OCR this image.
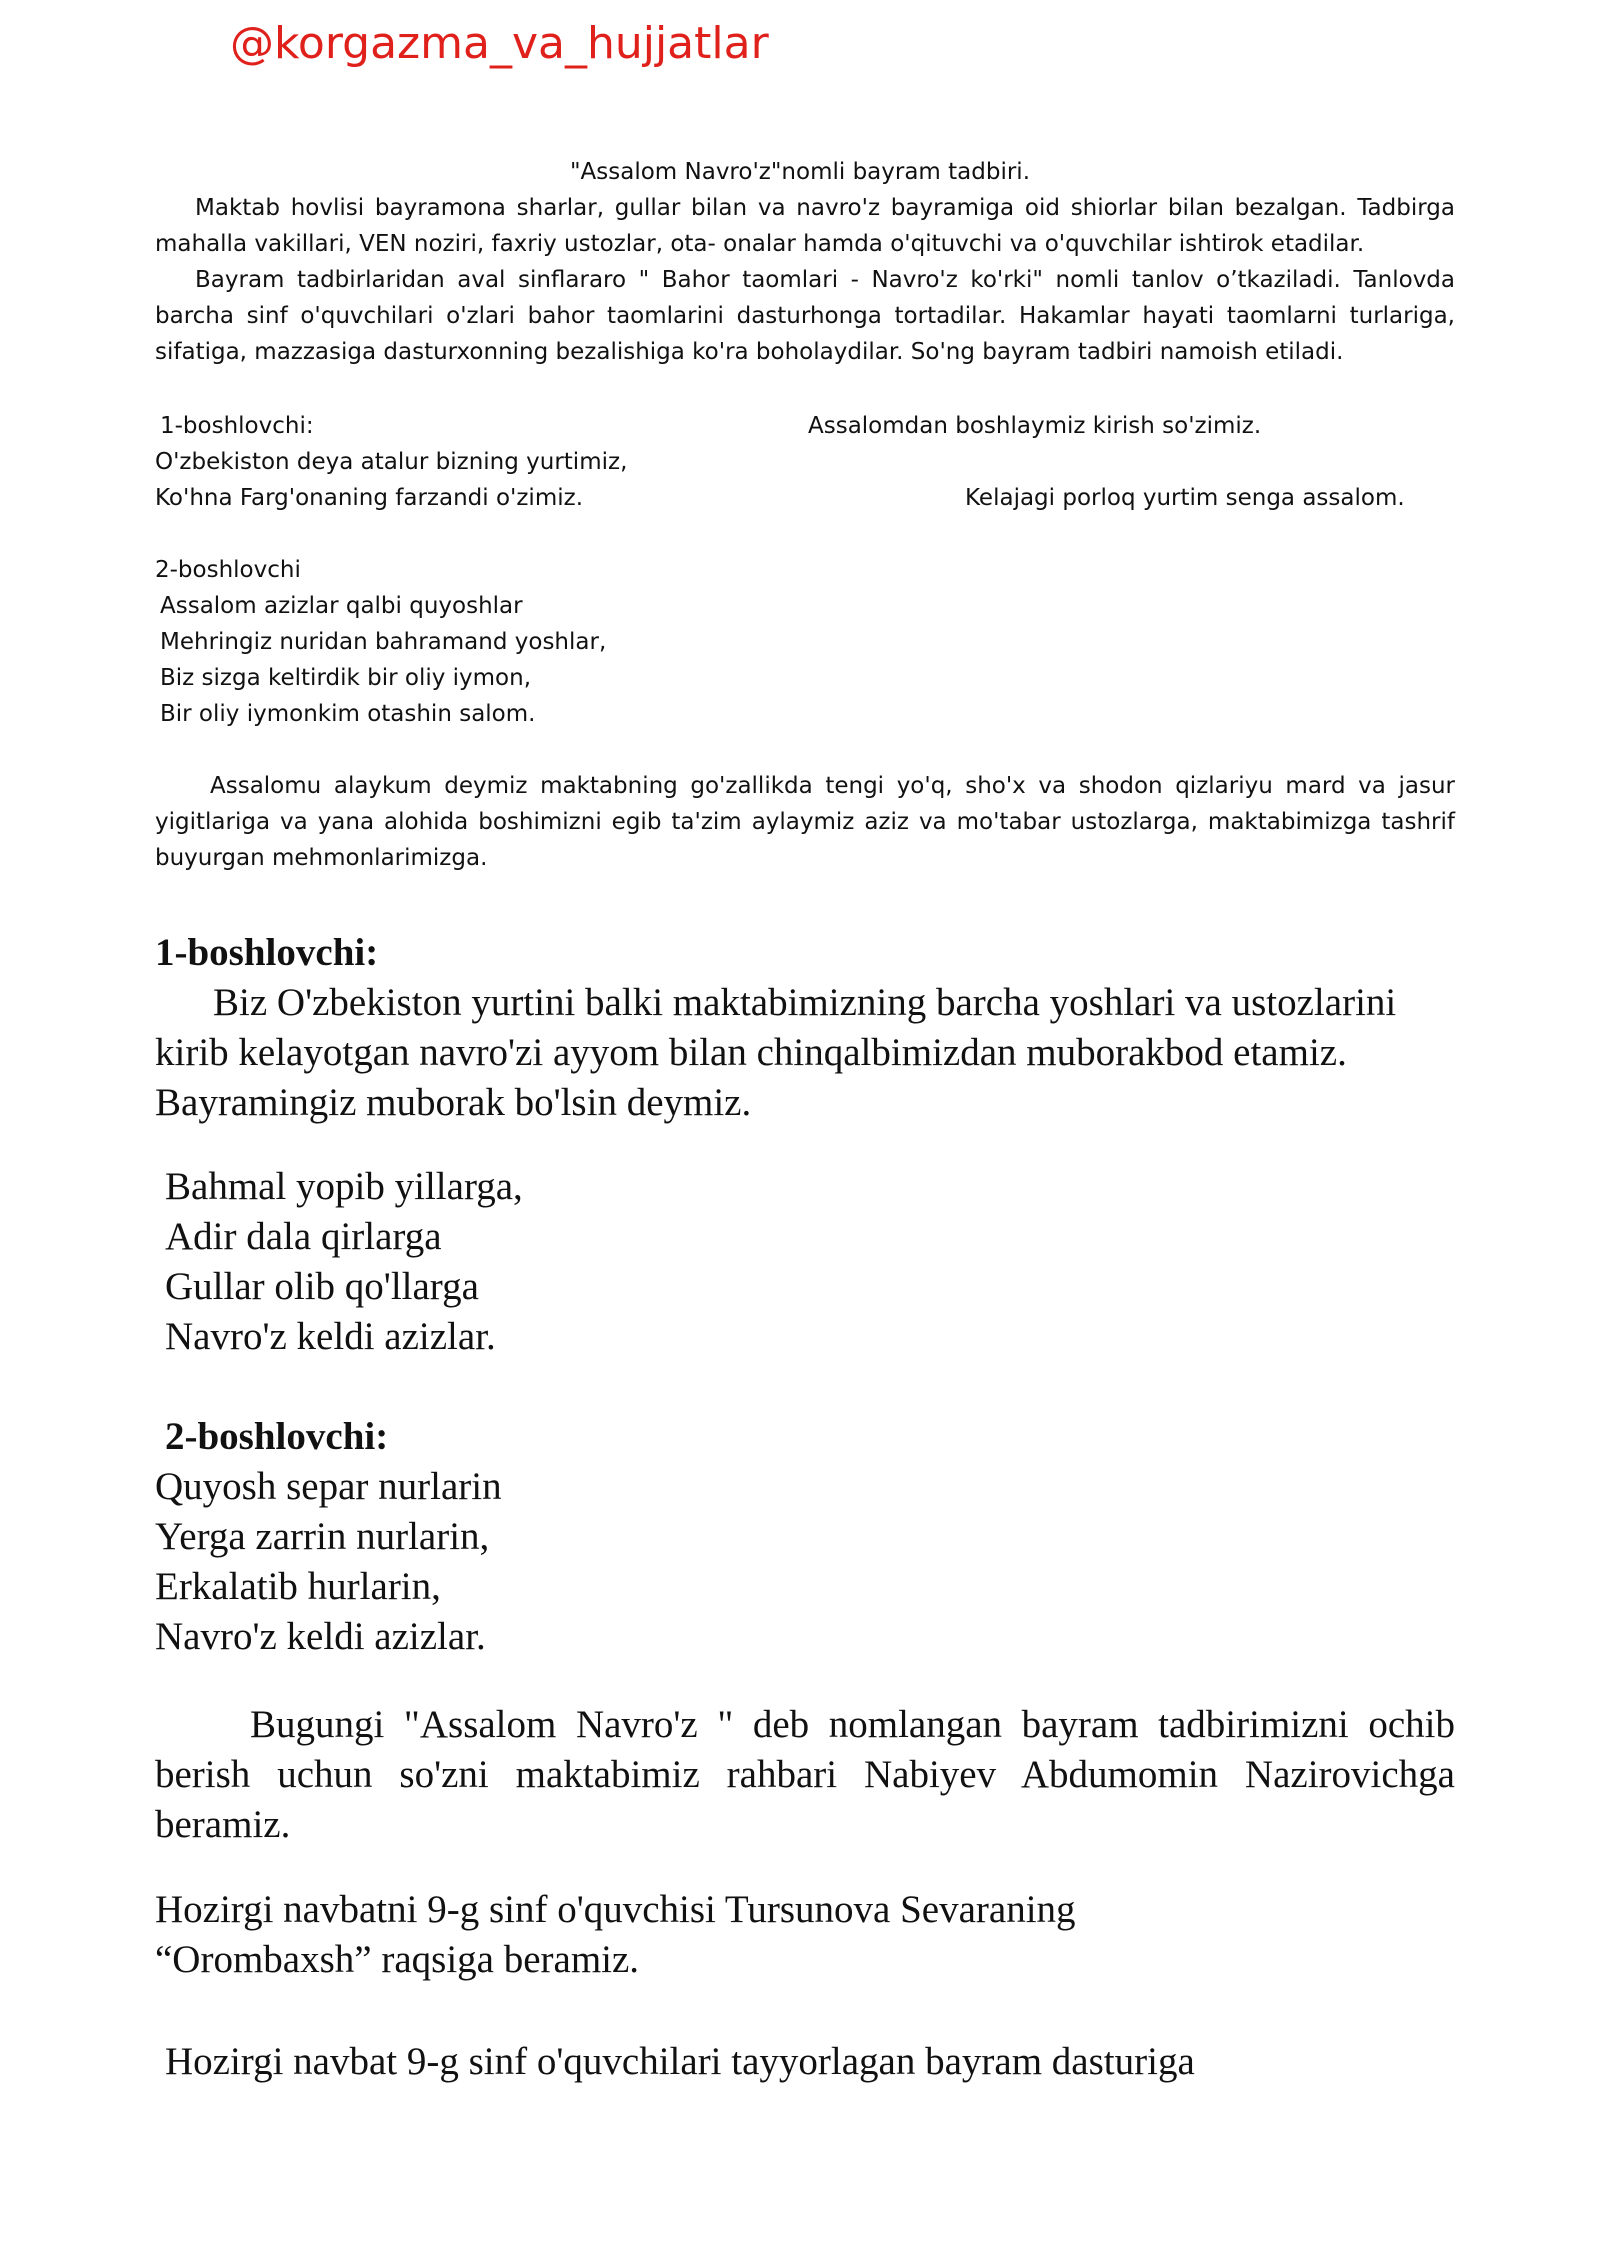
@korgazma_va_hujjatlar
"Assalom Navro'z"nomli bayram tadbiri.
Maktab hovlisi bayramona sharlar, gullar bilan va navro'z bayramiga oid shiorlar bilan bezalgan. Tadbirga mahalla vakillari, VEN noziri, faxriy ustozlar, ota- onalar hamda o'qituvchi va o'quvchilar ishtirok etadilar.
Bayram tadbirlaridan aval sinflararo " Bahor taomlari - Navro'z ko'rki" nomli tanlov o’tkaziladi. Tanlovda barcha sinf o'quvchilari o'zlari bahor taomlarini dasturhonga tortadilar. Hakamlar hayati taomlarni turlariga, sifatiga, mazzasiga dasturxonning bezalishiga ko'ra boholaydilar. So'ng bayram tadbiri namoish etiladi.
1-boshlovchi:
O'zbekiston deya atalur bizning yurtimiz,
Ko'hna Farg'onaning farzandi o'zimiz.
Assalomdan boshlaymiz kirish so'zimiz.
Kelajagi porloq yurtim senga assalom.
2-boshlovchi
Assalom azizlar qalbi quyoshlar
Mehringiz nuridan bahramand yoshlar,
Biz sizga keltirdik bir oliy iymon,
Bir oliy iymonkim otashin salom.
Assalomu alaykum deymiz maktabning go'zallikda tengi yo'q, sho'x va shodon qizlariyu mard va jasur yigitlariga va yana alohida boshimizni egib ta'zim aylaymiz aziz va mo'tabar ustozlarga, maktabimizga tashrif buyurgan mehmonlarimizga.
1-boshlovchi:
Biz O'zbekiston yurtini balki maktabimizning barcha yoshlari va ustozlarini kirib kelayotgan navro'zi ayyom bilan chinqalbimizdan muborakbod etamiz. Bayramingiz muborak bo'lsin deymiz.
Bahmal yopib yillarga,
Adir dala qirlarga
Gullar olib qo'llarga
Navro'z keldi azizlar.
2-boshlovchi:
Quyosh separ nurlarin
Yerga zarrin nurlarin,
Erkalatib hurlarin,
Navro'z keldi azizlar.
Bugungi "Assalom Navro'z " deb nomlangan bayram tadbirimizni ochib berish uchun so'zni maktabimiz rahbari Nabiyev Abdumomin Nazirovichga beramiz.
Hozirgi navbatni 9-g sinf o'quvchisi Tursunova Sevaraning
“Orombaxsh” raqsiga beramiz.
Hozirgi navbat 9-g sinf o'quvchilari tayyorlagan bayram dasturiga
